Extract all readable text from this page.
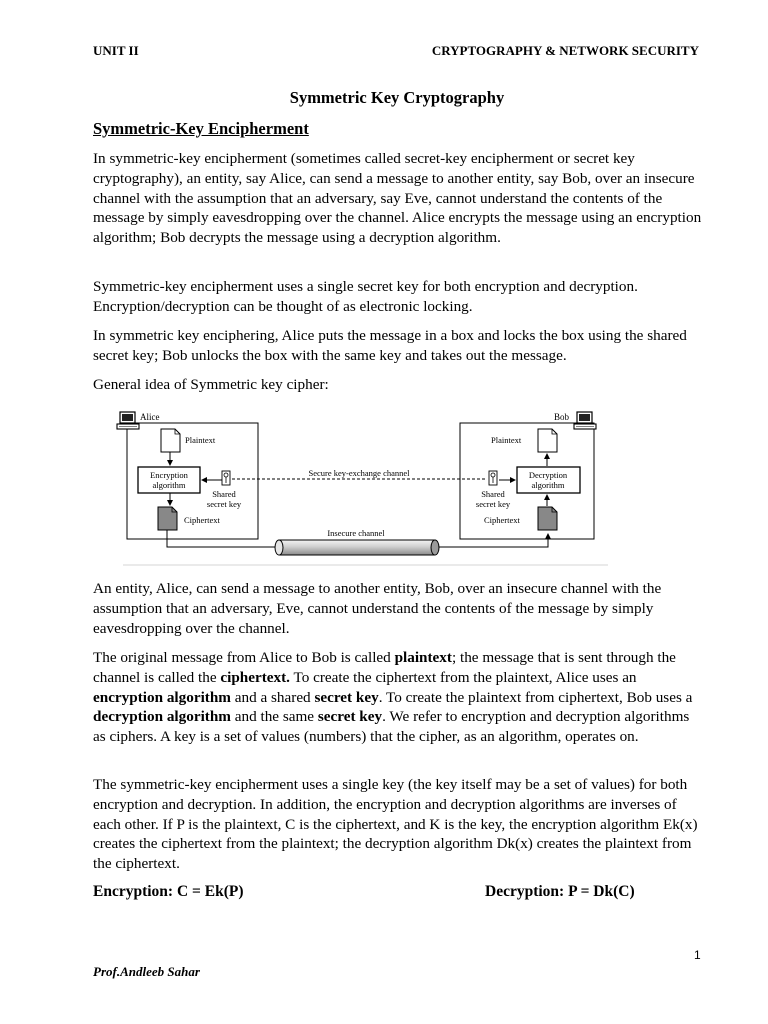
UNIT II	CRYPTOGRAPHY & NETWORK SECURITY
Symmetric Key Cryptography
Symmetric-Key Encipherment

In symmetric-key encipherment (sometimes called secret-key encipherment or secret key cryptography), an entity, say Alice, can send a message to another entity, say Bob, over an insecure channel with the assumption that an adversary, say Eve, cannot understand the contents of the message by simply eavesdropping over the channel. Alice encrypts the message using an encryption algorithm; Bob decrypts the message using a decryption algorithm.

Symmetric-key encipherment uses a single secret key for both encryption and decryption. Encryption/decryption can be thought of as electronic locking.

In symmetric key enciphering, Alice puts the message in a box and locks the box using the shared secret key; Bob unlocks the box with the same key and takes out the message.

General idea of Symmetric key cipher:

Alice	Bob
Plaintext
Encryption
algorithm
Ciphertext
Shared
secret key
Secure key-exchange channel
Plaintext
Decryption
algorithm
Ciphertext
Shared
secret key
Insecure channel

An entity, Alice, can send a message to another entity, Bob, over an insecure channel with the assumption that an adversary, Eve, cannot understand the contents of the message by simply eavesdropping over the channel.

The original message from Alice to Bob is called plaintext; the message that is sent through the channel is called the ciphertext. To create the ciphertext from the plaintext, Alice uses an encryption algorithm and a shared secret key. To create the plaintext from ciphertext, Bob uses a decryption algorithm and the same secret key. We refer to encryption and decryption algorithms as ciphers. A key is a set of values (numbers) that the cipher, as an algorithm, operates on.

The symmetric-key encipherment uses a single key (the key itself may be a set of values) for both encryption and decryption. In addition, the encryption and decryption algorithms are inverses of each other. If P is the plaintext, C is the ciphertext, and K is the key, the encryption algorithm Ek(x) creates the ciphertext from the plaintext; the decryption algorithm Dk(x) creates the plaintext from the ciphertext.

Encryption: C = Ek(P)	Decryption: P = Dk(C)
1
Prof.Andleeb Sahar
